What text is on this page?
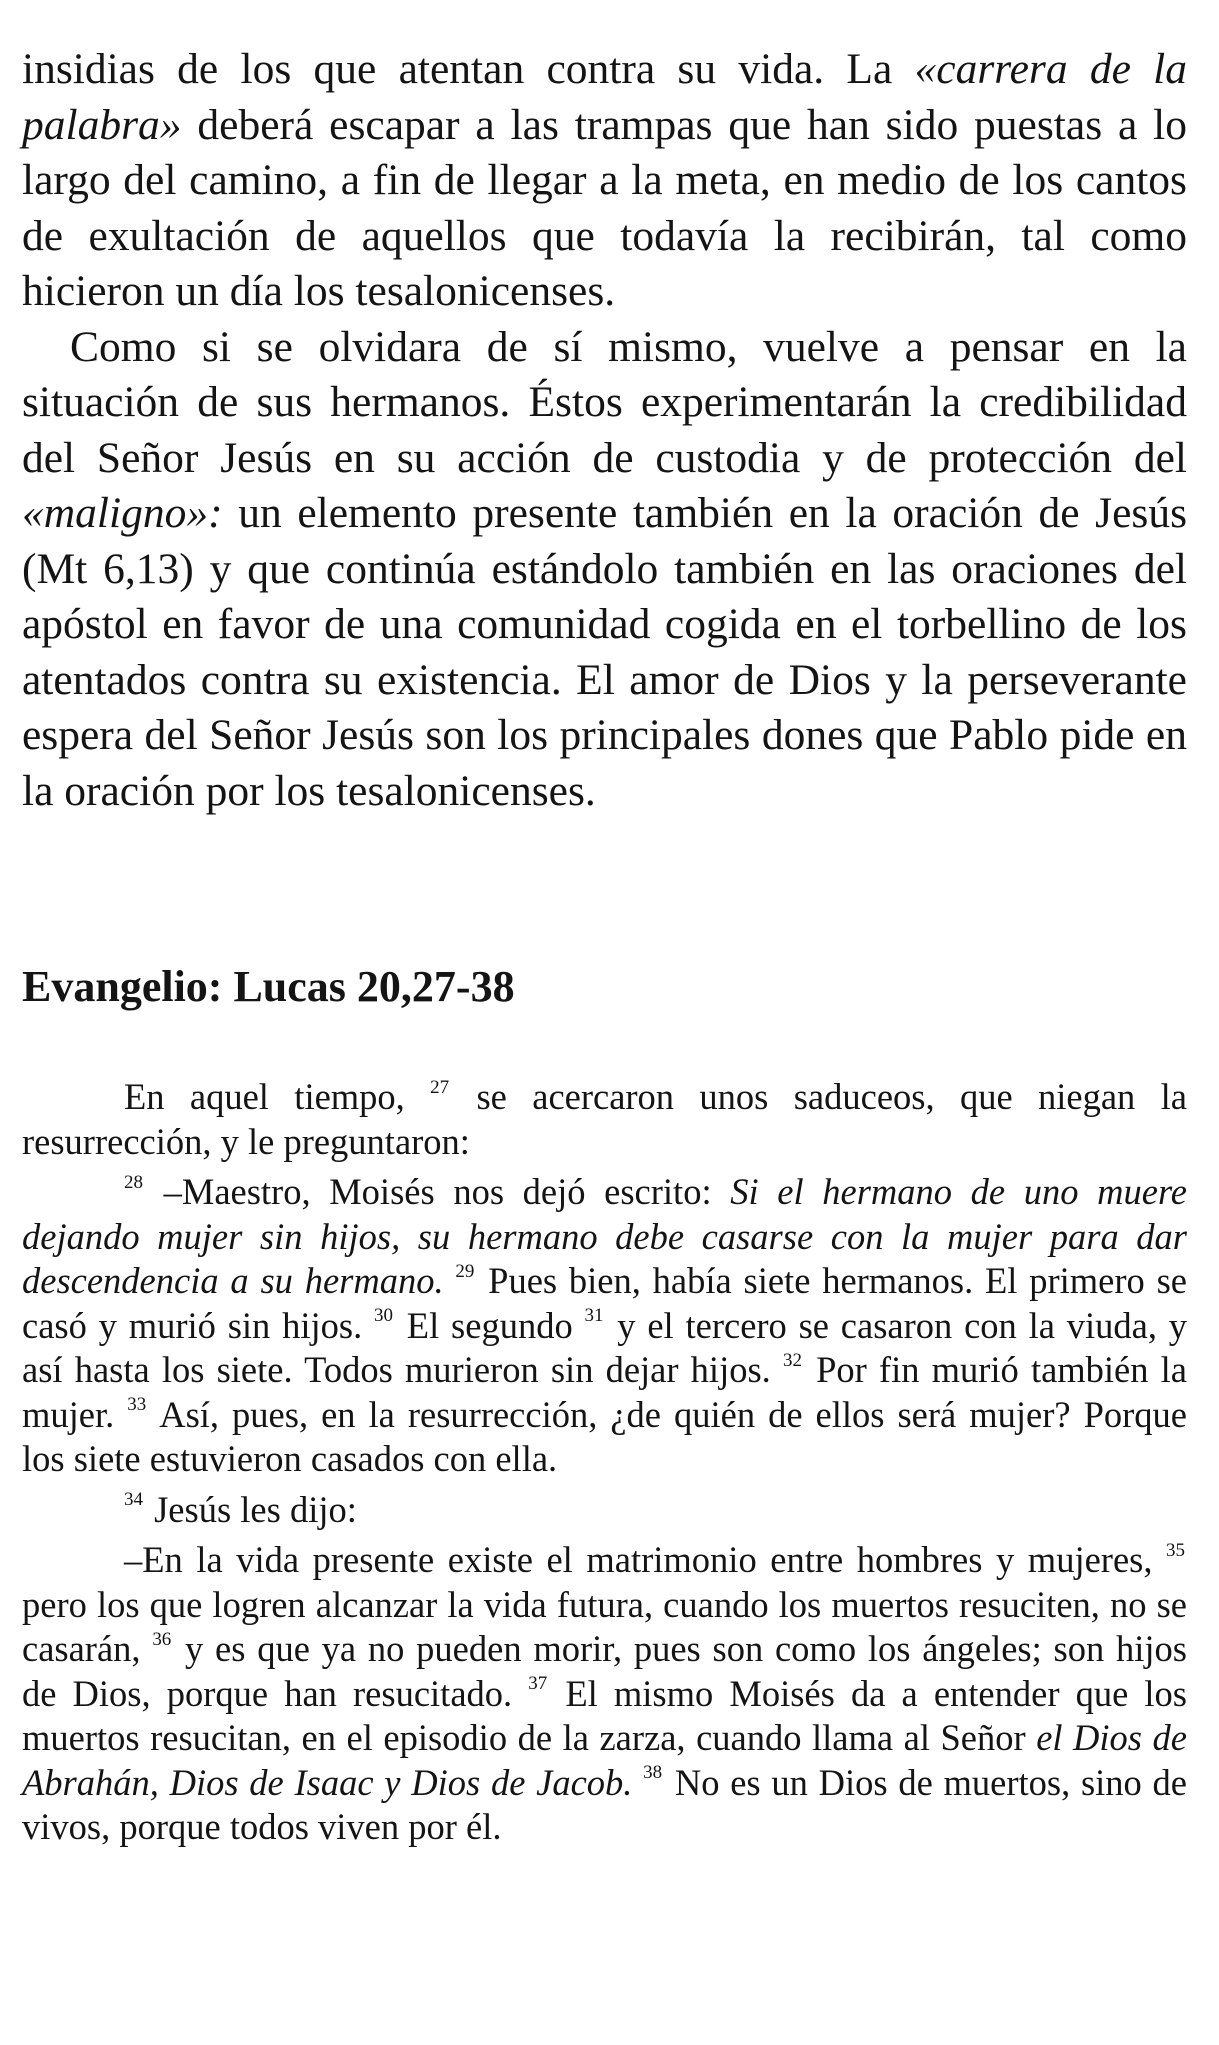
insidias de los que atentan contra su vida. La «carrera de la palabra» deberá escapar a las trampas que han sido puestas a lo largo del camino, a fin de llegar a la meta, en medio de los cantos de exultación de aquellos que todavía la recibirán, tal como hicieron un día los tesalonicenses.

Como si se olvidara de sí mismo, vuelve a pensar en la situación de sus hermanos. Éstos experimentarán la credibilidad del Señor Jesús en su acción de custodia y de protección del «maligno»: un elemento presente también en la oración de Jesús (Mt 6,13) y que continúa estándolo también en las oraciones del apóstol en favor de una comunidad cogida en el torbellino de los atentados contra su existencia. El amor de Dios y la perseverante espera del Señor Jesús son los principales dones que Pablo pide en la oración por los tesalonicenses.

Evangelio: Lucas 20,27-38

En aquel tiempo, $^{27}$ se acercaron unos saduceos, que niegan la resurrección, y le preguntaron:

$^{28}$ –Maestro, Moisés nos dejó escrito: Si el hermano de uno muere dejando mujer sin hijos, su hermano debe casarse con la mujer para dar descendencia a su hermano. $^{29}$ Pues bien, había siete hermanos. El primero se casó y murió sin hijos. $^{30}$ El segundo $^{31}$ y el tercero se casaron con la viuda, y así hasta los siete. Todos murieron sin dejar hijos. $^{32}$ Por fin murió también la mujer. $^{33}$ Así, pues, en la resurrección, ¿de quién de ellos será mujer? Porque los siete estuvieron casados con ella.

$^{34}$ Jesús les dijo:

–En la vida presente existe el matrimonio entre hombres y mujeres, $^{35}$ pero los que logren alcanzar la vida futura, cuando los muertos resuciten, no se casarán, $^{36}$ y es que ya no pueden morir, pues son como los ángeles; son hijos de Dios, porque han resucitado. $^{37}$ El mismo Moisés da a entender que los muertos resucitan, en el episodio de la zarza, cuando llama al Señor el Dios de Abrahán, Dios de Isaac y Dios de Jacob. $^{38}$ No es un Dios de muertos, sino de vivos, porque todos viven por él.
